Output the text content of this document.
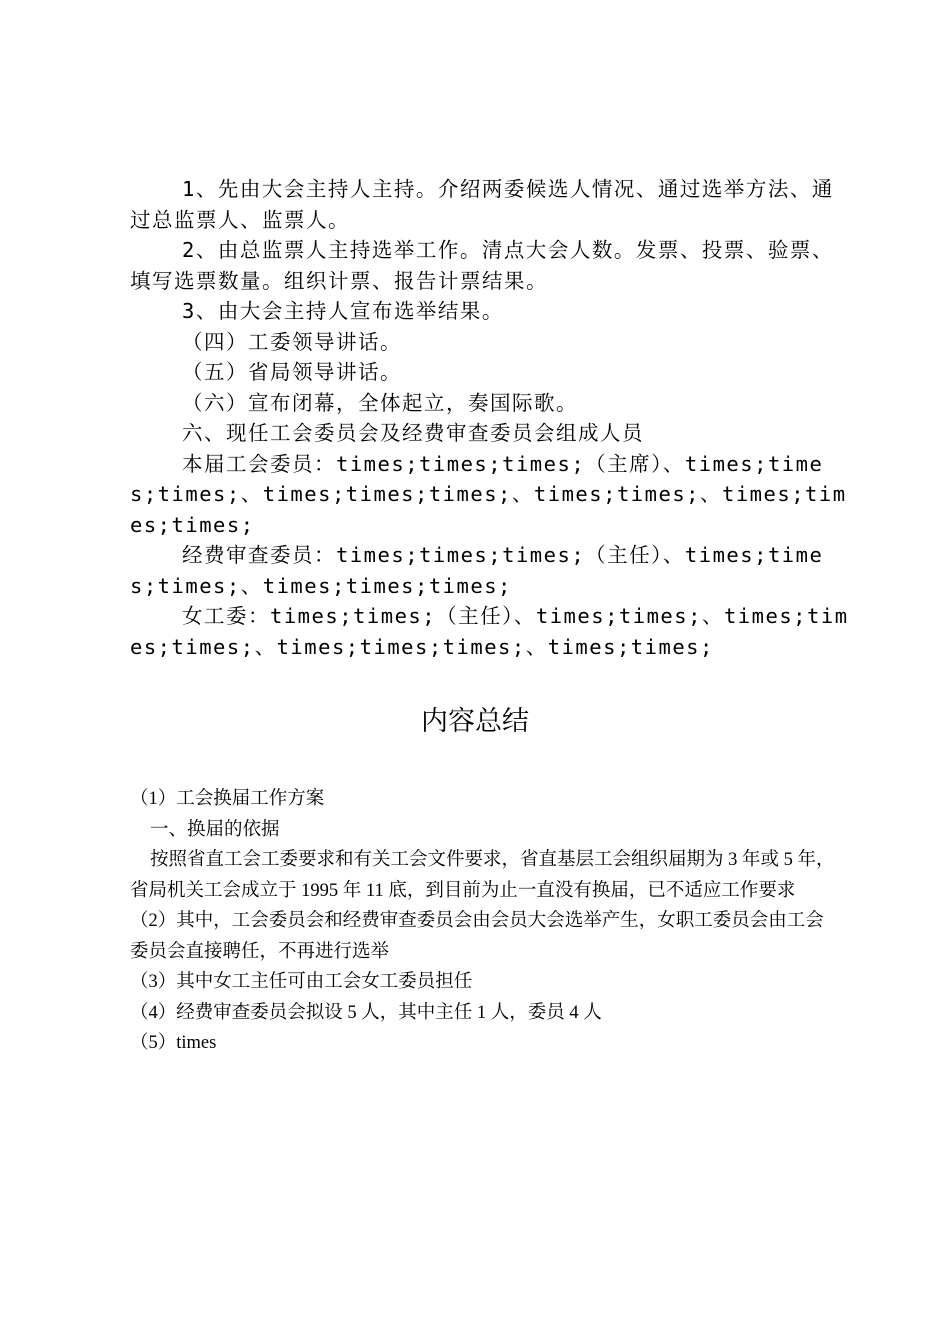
1、先由大会主持人主持。介绍两委候选人情况、通过选举方法、通过总监票人、监票人。

2、由总监票人主持选举工作。清点大会人数。发票、投票、验票、填写选票数量。组织计票、报告计票结果。

3、由大会主持人宣布选举结果。

（四）工委领导讲话。

（五）省局领导讲话。

（六）宣布闭幕，全体起立，奏国际歌。

六、现任工会委员会及经费审查委员会组成人员

本届工会委员：times;times;times;（主席）、times;times;times;、times;times;times;、times;times;、times;times;times;

经费审查委员：times;times;times;（主任）、times;times;times;、times;times;times;

女工委：times;times;（主任）、times;times;、times;times;times;、times;times;times;、times;times;

内容总结

（1）工会换届工作方案

一、换届的依据

按照省直工会工委要求和有关工会文件要求，省直基层工会组织届期为 3 年或 5 年，省局机关工会成立于 1995 年 11 底，到目前为止一直没有换届，已不适应工作要求

（2）其中，工会委员会和经费审查委员会由会员大会选举产生，女职工委员会由工会委员会直接聘任，不再进行选举

（3）其中女工主任可由工会女工委员担任

（4）经费审查委员会拟设 5 人，其中主任 1 人，委员 4 人

（5）times
